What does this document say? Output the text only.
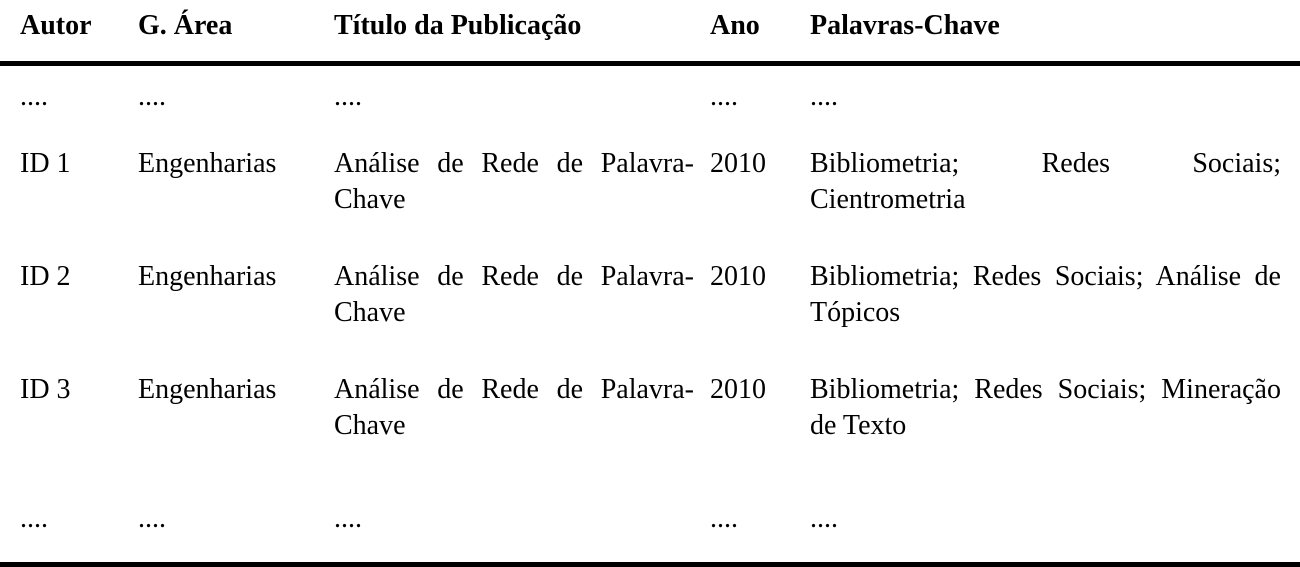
Autor	G. Área	Título da Publicação	Ano	Palavras-Chave
....	....	....	....	....
ID 1	Engenharias	Análise de Rede de Palavra-Chave	2010	Bibliometria; Redes Sociais; Cientrometria
ID 2	Engenharias	Análise de Rede de Palavra-Chave	2010	Bibliometria; Redes Sociais; Análise de Tópicos
ID 3	Engenharias	Análise de Rede de Palavra-Chave	2010	Bibliometria; Redes Sociais; Mineração de Texto
....	....	....	....	....
